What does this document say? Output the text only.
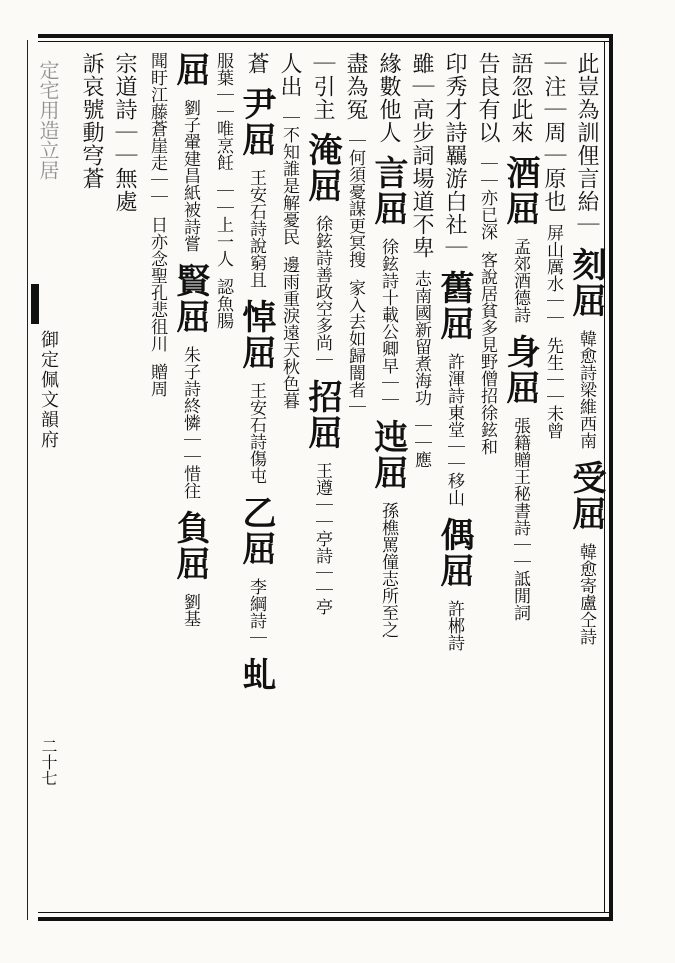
定宅用造立居
御定佩文韻府
二十七
此豈為訓俚言紿｜　刻屈　韓愈詩梁維西南　受屈　韓愈寄盧仝詩
｜注｜周｜原也　屏山厲水｜｜　先生｜｜未曾
語忽此來　酒屈　孟郊酒德詩　身屈　張籍贈王秘書詩｜｜詆閒詞
告良有以　｜｜亦已深　客說居貧多見野僧招徐鉉和
印秀才詩羈游白社｜　舊屈　許渾詩東堂｜｜移山　偶屈　許郴詩
雖｜高步詞場道不卑　志南國新留煮海功　｜｜應
緣數他人　言屈　徐鉉詩十載公卿早｜｜　迍屈　孫樵罵僮志所至之
盡為冤　｜何須憂謀更冥搜　家入去如歸闇者｜
｜引主　淹屈　徐鉉詩善政空多尚｜　招屈　王遵｜｜亭詩｜｜亭
人出　｜不知誰是解憂民　邊雨重淚遠天秋色暮
蒼　尹屈　王安石詩說窮且　悼屈　王安石詩傷屯　乙屈　李綱詩｜　虬
服葉｜｜唯烹飪　｜｜上一人　認魚腸
屈　劉子翬建昌紙被詩嘗　賢屈　朱子詩終憐｜｜惜往　負屈　劉基
聞盱江藤蒼崖走｜｜　日亦念聖孔悲徂川　贈周
宗道詩｜｜無處
訴哀號動穹蒼
